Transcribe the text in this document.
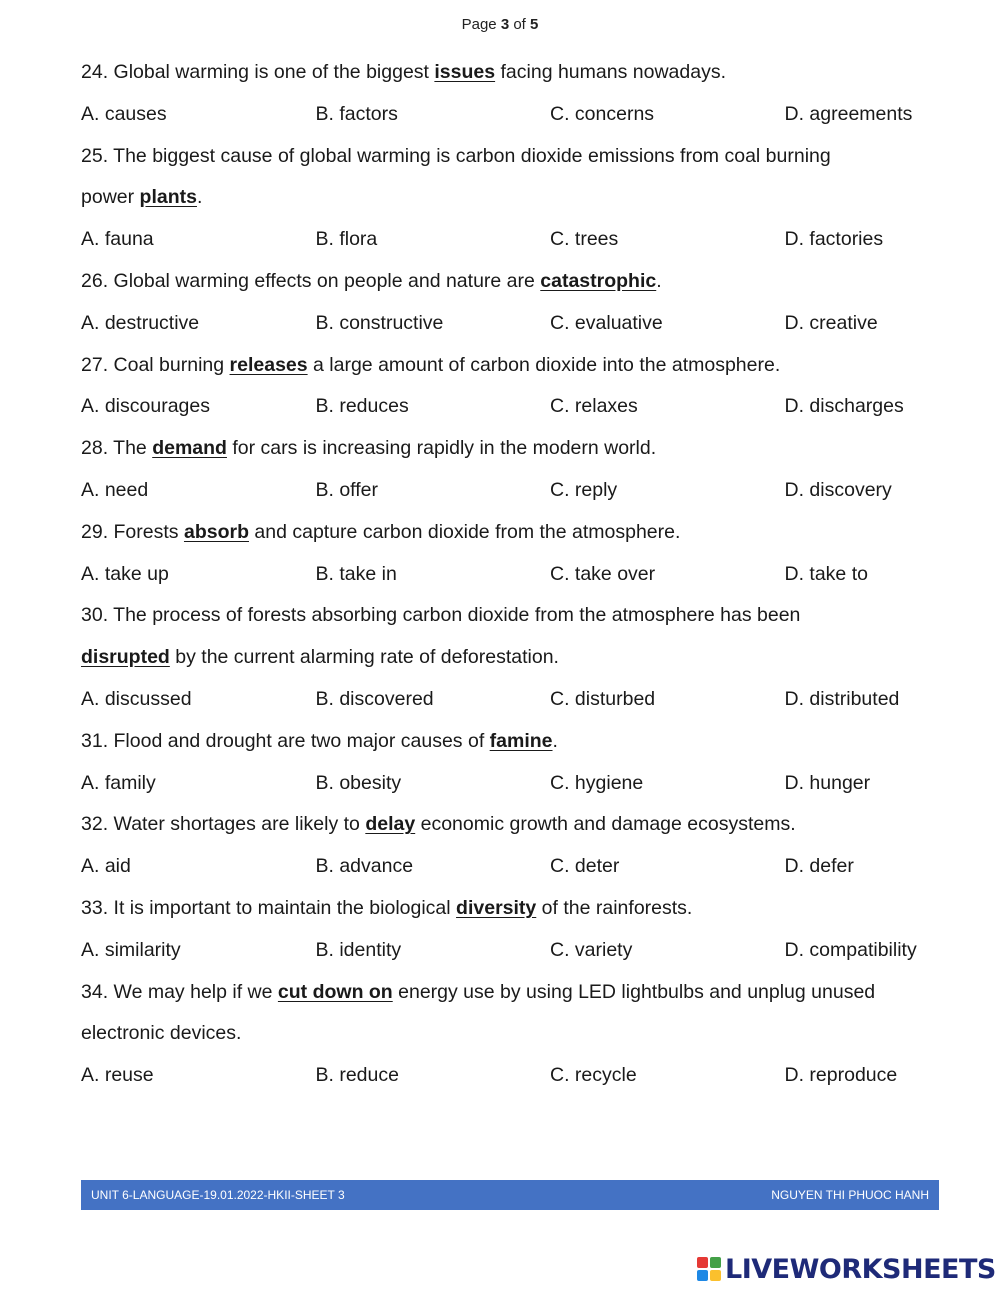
Page 3 of 5
24. Global warming is one of the biggest issues facing humans nowadays.
A. causes	B. factors	C. concerns	D. agreements
25. The biggest cause of global warming is carbon dioxide emissions from coal burning
power plants.
A. fauna	B. flora	C. trees	D. factories
26. Global warming effects on people and nature are catastrophic.
A. destructive	B. constructive	C. evaluative	D. creative
27. Coal burning releases a large amount of carbon dioxide into the atmosphere.
A. discourages	B. reduces	C. relaxes	D. discharges
28. The demand for cars is increasing rapidly in the modern world.
A. need	B. offer	C. reply	D. discovery
29. Forests absorb and capture carbon dioxide from the atmosphere.
A. take up	B. take in	C. take over	D. take to
30. The process of forests absorbing carbon dioxide from the atmosphere has been
disrupted by the current alarming rate of deforestation.
A. discussed	B. discovered	C. disturbed	D. distributed
31. Flood and drought are two major causes of famine.
A. family	B. obesity	C. hygiene	D. hunger
32. Water shortages are likely to delay economic growth and damage ecosystems.
A. aid	B. advance	C. deter	D. defer
33. It is important to maintain the biological diversity of the rainforests.
A. similarity	B. identity	C. variety	D. compatibility
34. We may help if we cut down on energy use by using LED lightbulbs and unplug unused
electronic devices.
A. reuse	B. reduce	C. recycle	D. reproduce
UNIT 6-LANGUAGE-19.01.2022-HKII-SHEET 3	NGUYEN THI PHUOC HANH
LIVEWORKSHEETS
